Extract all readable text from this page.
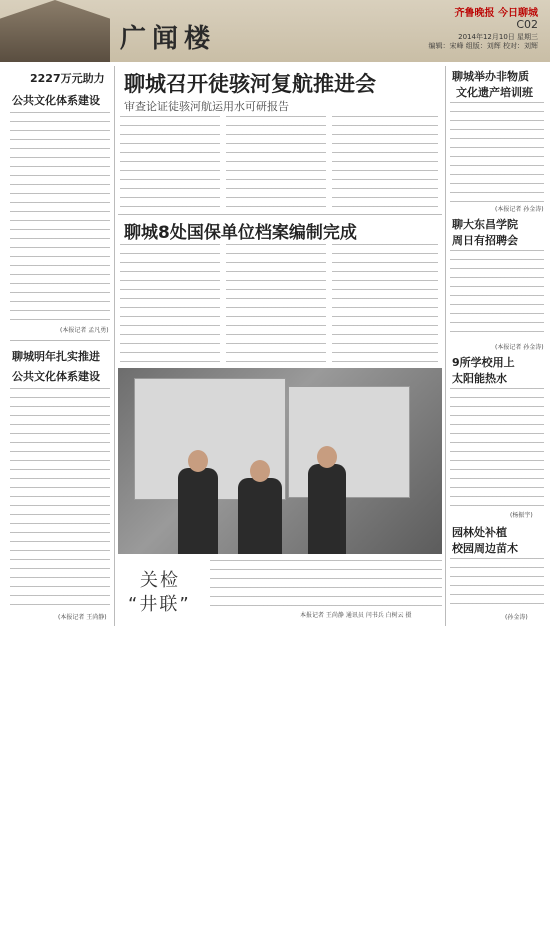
广闻楼
齐鲁晚报 今日聊城
C02
2014年12月10日 星期三
编辑：宋峰 组版：刘辉 校对：刘辉
2227万元助力
公共文化体系建设
(本报记者 孟凡勇)
聊城明年扎实推进
公共文化体系建设
(本报记者 王尚静)
聊城召开徒骇河复航推进会
审查论证徒骇河航运用水可研报告
聊城8处国保单位档案编制完成
关检
“井联”
本报记者 王尚静 通讯员 闫书兵 白树云 摄
聊城举办非物质
文化遗产培训班
(本报记者 孙金涛)
聊大东昌学院
周日有招聘会
(本报记者 孙金涛)
9所学校用上
太阳能热水
(杨振宇)
园林处补植
校园周边苗木
(孙金涛)
